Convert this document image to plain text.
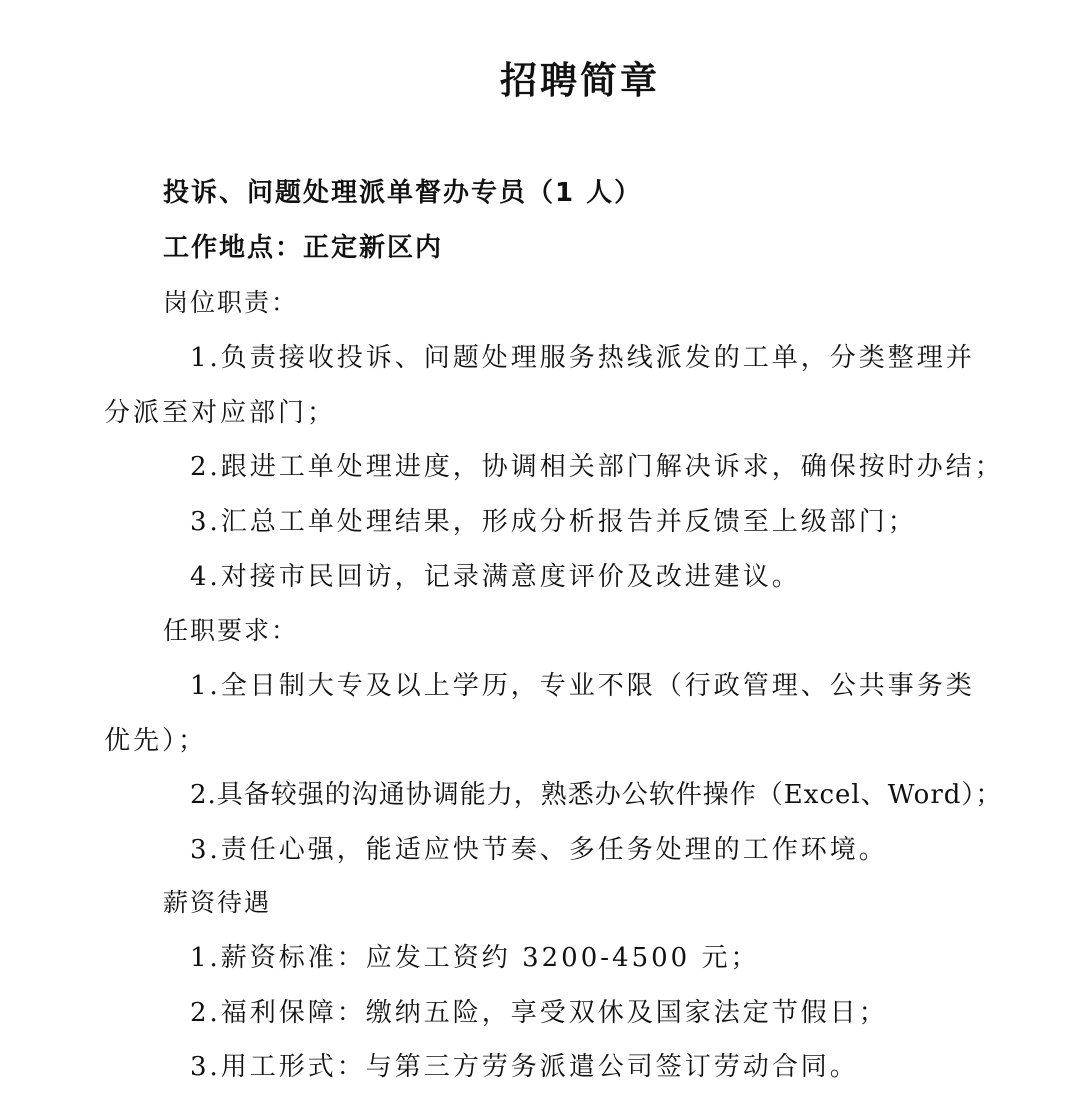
招聘简章
投诉、问题处理派单督办专员（1 人）
工作地点：正定新区内
岗位职责：
1.负责接收投诉、问题处理服务热线派发的工单，分类整理并
分派至对应部门；
2.跟进工单处理进度，协调相关部门解决诉求，确保按时办结；
3.汇总工单处理结果，形成分析报告并反馈至上级部门；
4.对接市民回访，记录满意度评价及改进建议。
任职要求：
1.全日制大专及以上学历，专业不限（行政管理、公共事务类
优先）；
2.具备较强的沟通协调能力，熟悉办公软件操作（Excel、Word）；
3.责任心强，能适应快节奏、多任务处理的工作环境。
薪资待遇
1.薪资标准：应发工资约 3200-4500 元；
2.福利保障：缴纳五险，享受双休及国家法定节假日；
3.用工形式：与第三方劳务派遣公司签订劳动合同。
